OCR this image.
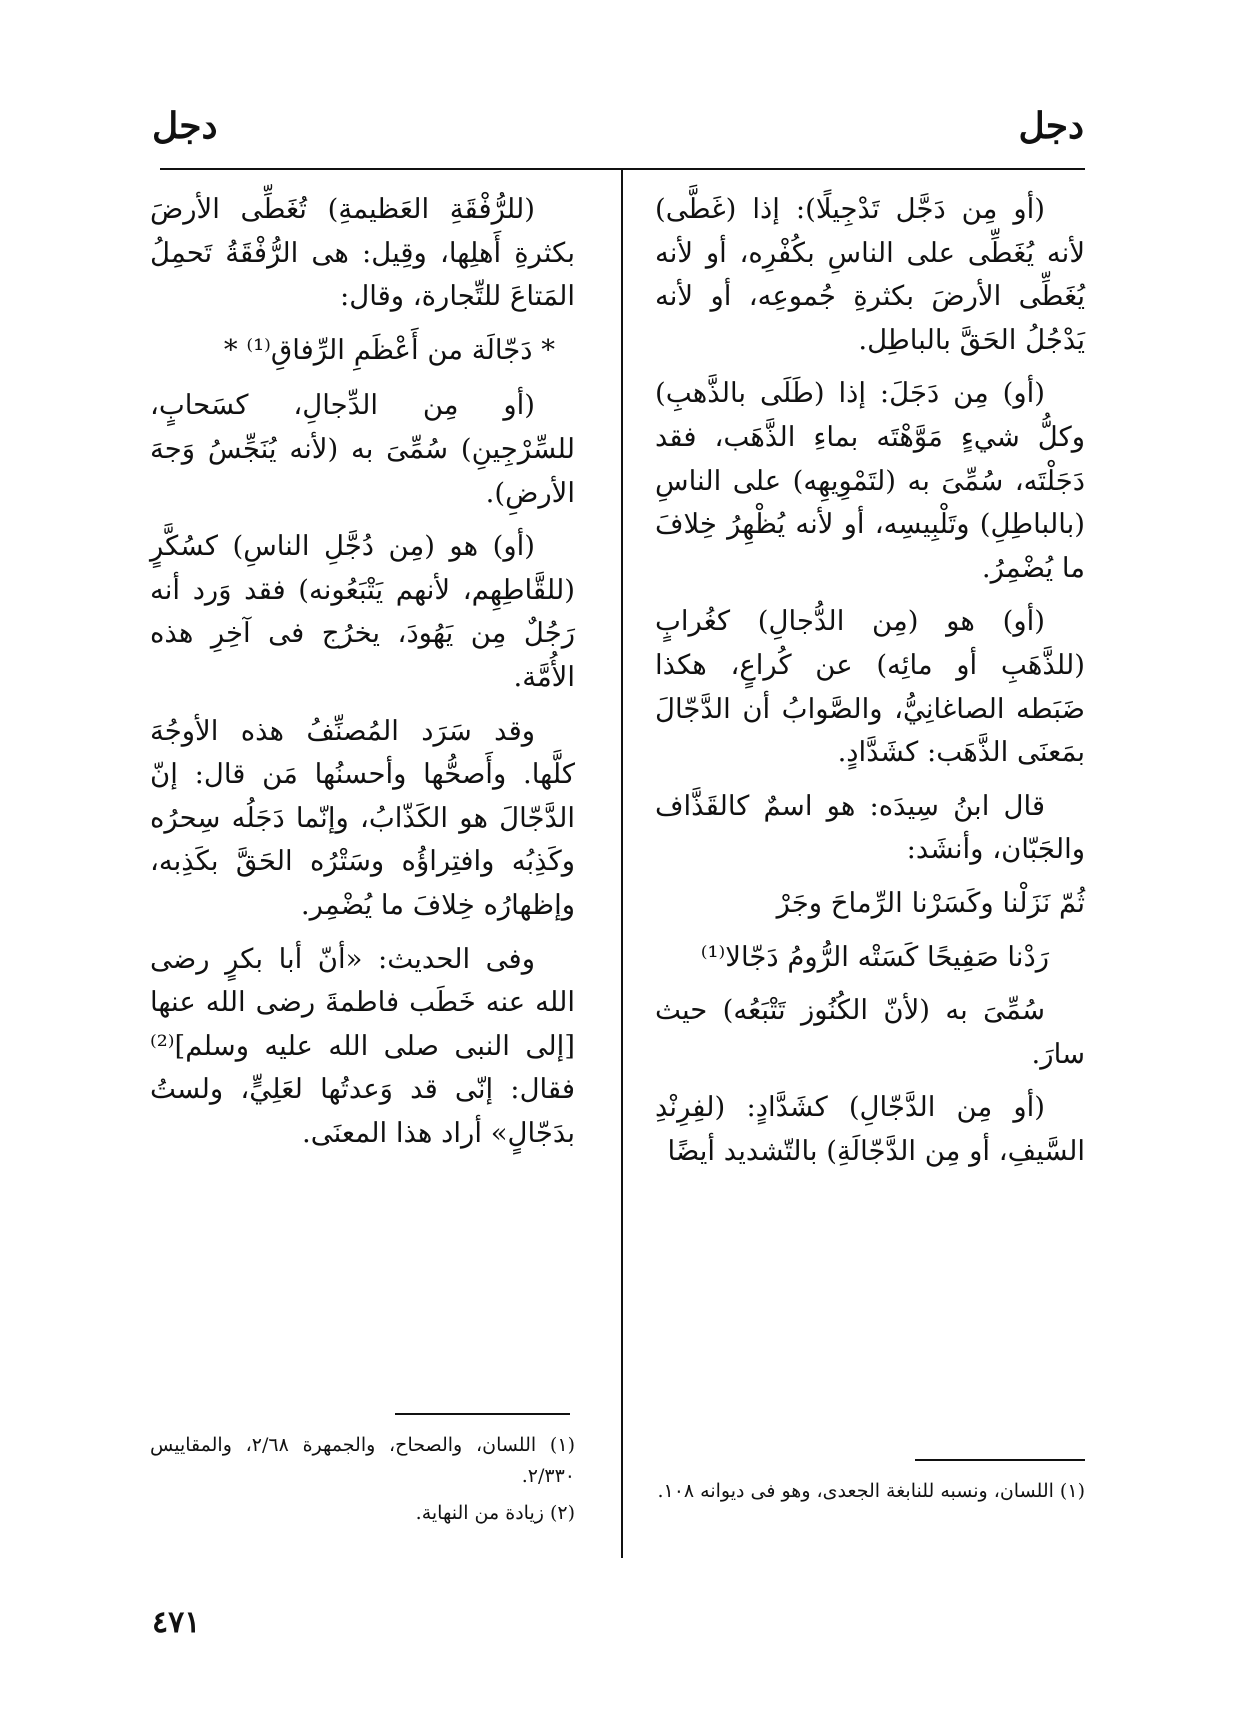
دجل	دجل

(أو مِن دَجَّل تَدْجِيلًا): إذا (غَطَّى) لأنه يُغَطِّى على الناسِ بكُفْرِه، أو لأنه يُغَطِّى الأرضَ بكثرةِ جُموعِه، أو لأنه يَدْجُلُ الحَقَّ بالباطِل.

(أو) مِن دَجَلَ: إذا (طَلَى بالذَّهبِ) وكلُّ شيءٍ مَوَّهْتَه بماءِ الذَّهَب، فقد دَجَلْتَه، سُمِّىَ به (لتَمْوِيهِه) على الناسِ (بالباطِلِ) وتَلْبِيسِه، أو لأنه يُظْهِرُ خِلافَ ما يُضْمِرُ.

(أو) هو (مِن الدُّجالِ) كغُرابٍ (للذَّهَبِ أو مائِه) عن كُراعٍ، هكذا ضَبَطه الصاغانِيُّ، والصَّوابُ أن الدَّجّالَ بمَعنَى الذَّهَب: كشَدَّادٍ.

قال ابنُ سِيدَه: هو اسمٌ كالقَذَّاف والجَبّان، وأنشَد:

ثُمّ نَزَلْنا وكَسَرْنا الرِّماحَ وجَرْ

رَدْنا صَفِيحًا كَسَتْه الرُّومُ دَجّالا⁽¹⁾

سُمِّىَ به (لأنّ الكُنُوز تَتْبَعُه) حيث سارَ.

(أو مِن الدَّجّالِ) كشَدَّادٍ: (لفِرِنْدِ السَّيفِ، أو مِن الدَّجّالَةِ) بالتّشديد أيضًا

(للرُّفْقَةِ العَظيمةِ) تُغَطِّى الأرضَ بكثرةِ أَهلِها، وقِيل: هى الرُّفْقَةُ تَحمِلُ المَتاعَ للتِّجارة، وقال:

* دَجّالَة من أَعْظَمِ الرِّفاقِ⁽¹⁾ *

(أو مِن الدِّجالِ، كسَحابٍ، للسِّرْجِينِ) سُمِّىَ به (لأنه يُنَجِّسُ وَجهَ الأرضِ).

(أو) هو (مِن دُجَّلِ الناسِ) كسُكَّرٍ (للقَّاطِهِم، لأنهم يَتْبَعُونه) فقد وَرد أنه رَجُلٌ مِن يَهُودَ، يخرُج فى آخِرِ هذه الأُمَّة.

وقد سَرَد المُصنِّفُ هذه الأوجُهَ كلَّها. وأَصحُّها وأحسنُها مَن قال: إنّ الدَّجّالَ هو الكَذّابُ، وإنّما دَجَلُه سِحرُه وكَذِبُه وافتِراؤُه وسَتْرُه الحَقَّ بكَذِبه، وإظهارُه خِلافَ ما يُضْمِر.

وفى الحديث: «أنّ أبا بكرٍ رضى الله عنه خَطَب فاطمةَ رضى الله عنها [إلى النبى صلى الله عليه وسلم]⁽²⁾ فقال: إنّى قد وَعدتُها لعَلِيٍّ، ولستُ بدَجّالٍ» أراد هذا المعنَى.

(١) اللسان، ونسبه للنابغة الجعدى، وهو فى ديوانه ١٠٨.

(١) اللسان، والصحاح، والجمهرة ٢/٦٨، والمقاييس ٢/٣٣٠.

(٢) زيادة من النهاية.

٤٧١
